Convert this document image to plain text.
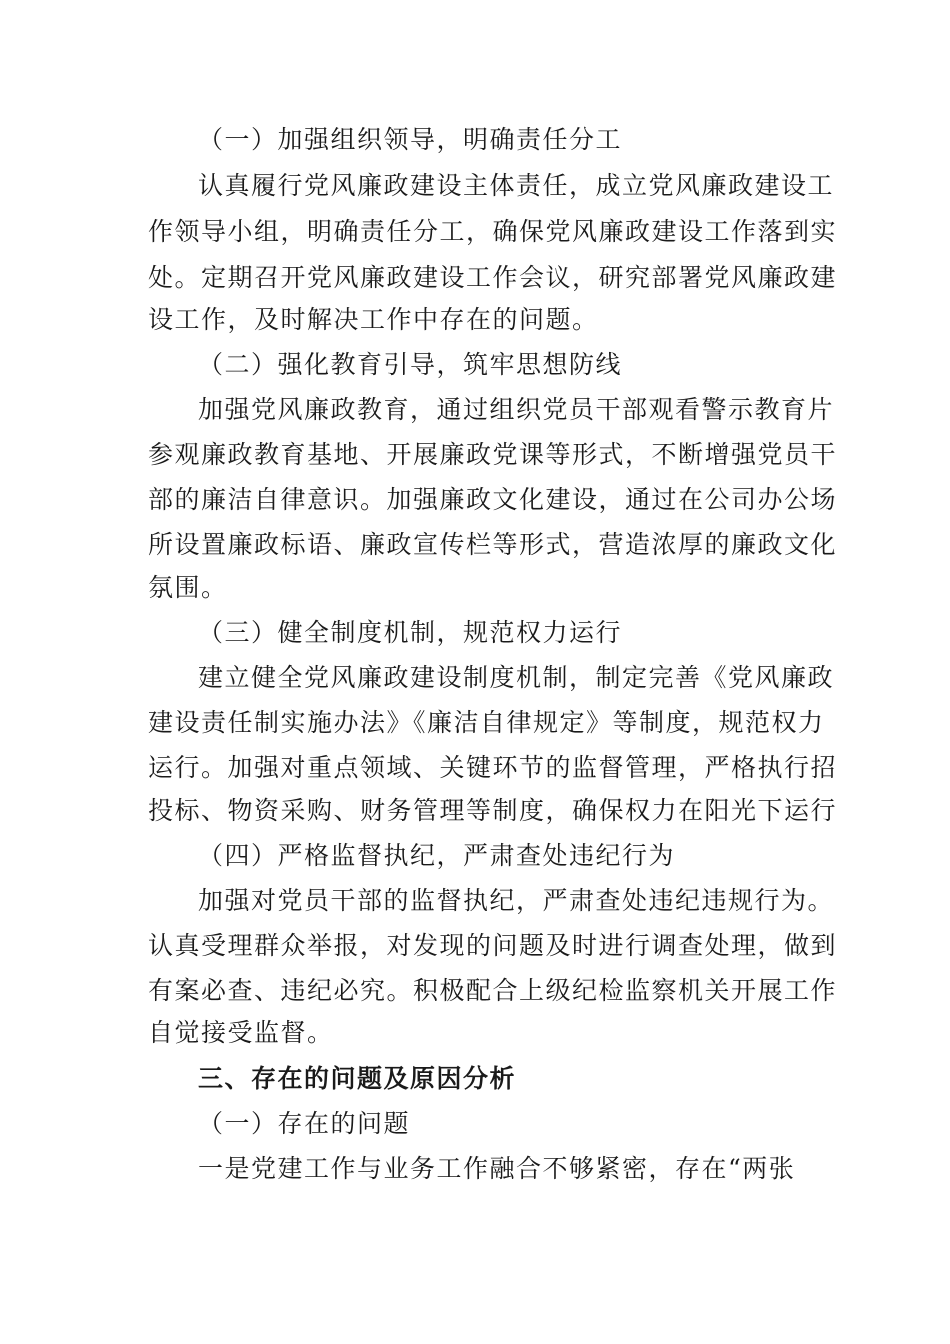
（一）加强组织领导，明确责任分工
认真履行党风廉政建设主体责任，成立党风廉政建设工
作领导小组，明确责任分工，确保党风廉政建设工作落到实
处。定期召开党风廉政建设工作会议，研究部署党风廉政建
设工作，及时解决工作中存在的问题。
（二）强化教育引导，筑牢思想防线
加强党风廉政教育，通过组织党员干部观看警示教育片
参观廉政教育基地、开展廉政党课等形式，不断增强党员干
部的廉洁自律意识。加强廉政文化建设，通过在公司办公场
所设置廉政标语、廉政宣传栏等形式，营造浓厚的廉政文化
氛围。
（三）健全制度机制，规范权力运行
建立健全党风廉政建设制度机制，制定完善《党风廉政
建设责任制实施办法》《廉洁自律规定》等制度，规范权力
运行。加强对重点领域、关键环节的监督管理，严格执行招
投标、物资采购、财务管理等制度，确保权力在阳光下运行
（四）严格监督执纪，严肃查处违纪行为
加强对党员干部的监督执纪，严肃查处违纪违规行为。
认真受理群众举报，对发现的问题及时进行调查处理，做到
有案必查、违纪必究。积极配合上级纪检监察机关开展工作
自觉接受监督。
三、存在的问题及原因分析
（一）存在的问题
一是党建工作与业务工作融合不够紧密，存在“两张
